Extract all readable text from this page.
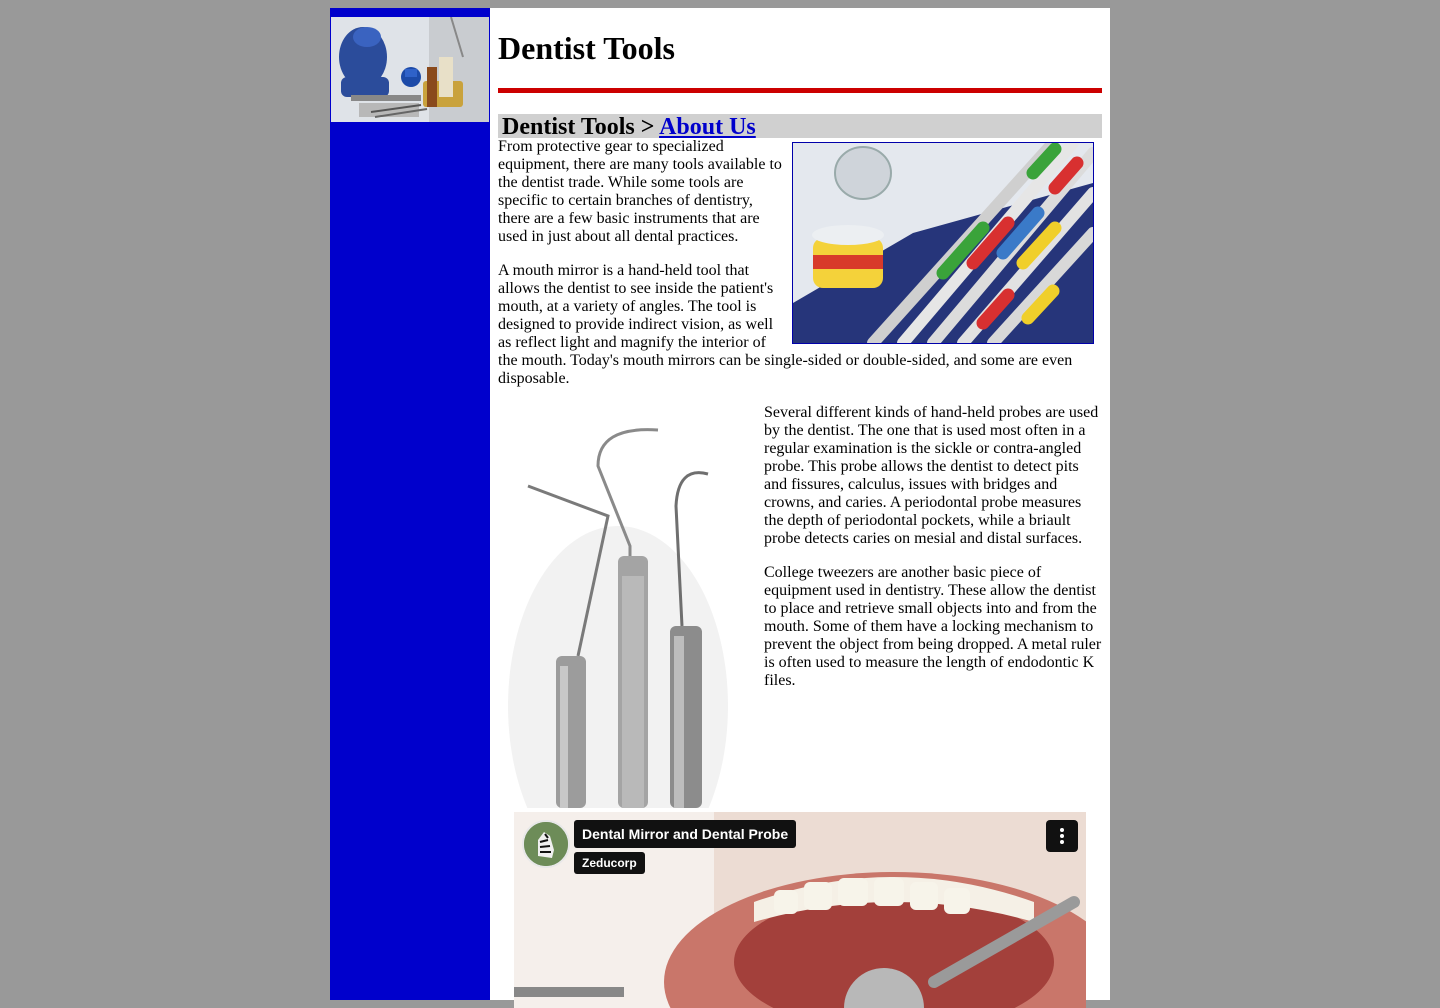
Dentist Tools
Dentist Tools > About Us

From protective gear to specialized equipment, there are many tools available to the dentist trade. While some tools are specific to certain branches of dentistry, there are a few basic instruments that are used in just about all dental practices.

A mouth mirror is a hand-held tool that
allows the dentist to see inside the patient's
mouth, at a variety of angles. The tool is
designed to provide indirect vision, as well
as reflect light and magnify the interior of

the mouth. Today's mouth mirrors can be single-sided or double-sided, and some are even disposable.

Several different kinds of hand-held probes are used by the dentist. The one that is used most often in a regular examination is the sickle or contra-angled probe. This probe allows the dentist to detect pits and fissures, calculus, issues with bridges and crowns, and caries. A periodontal probe measures the depth of periodontal pockets, while a briault probe detects caries on mesial and distal surfaces.

College tweezers are another basic piece of equipment used in dentistry. These allow the dentist to place and retrieve small objects into and from the mouth. Some of them have a locking mechanism to prevent the object from being dropped. A metal ruler is often used to measure the length of endodontic K files.

Dental Mirror and Dental Probe
Zeducorp
